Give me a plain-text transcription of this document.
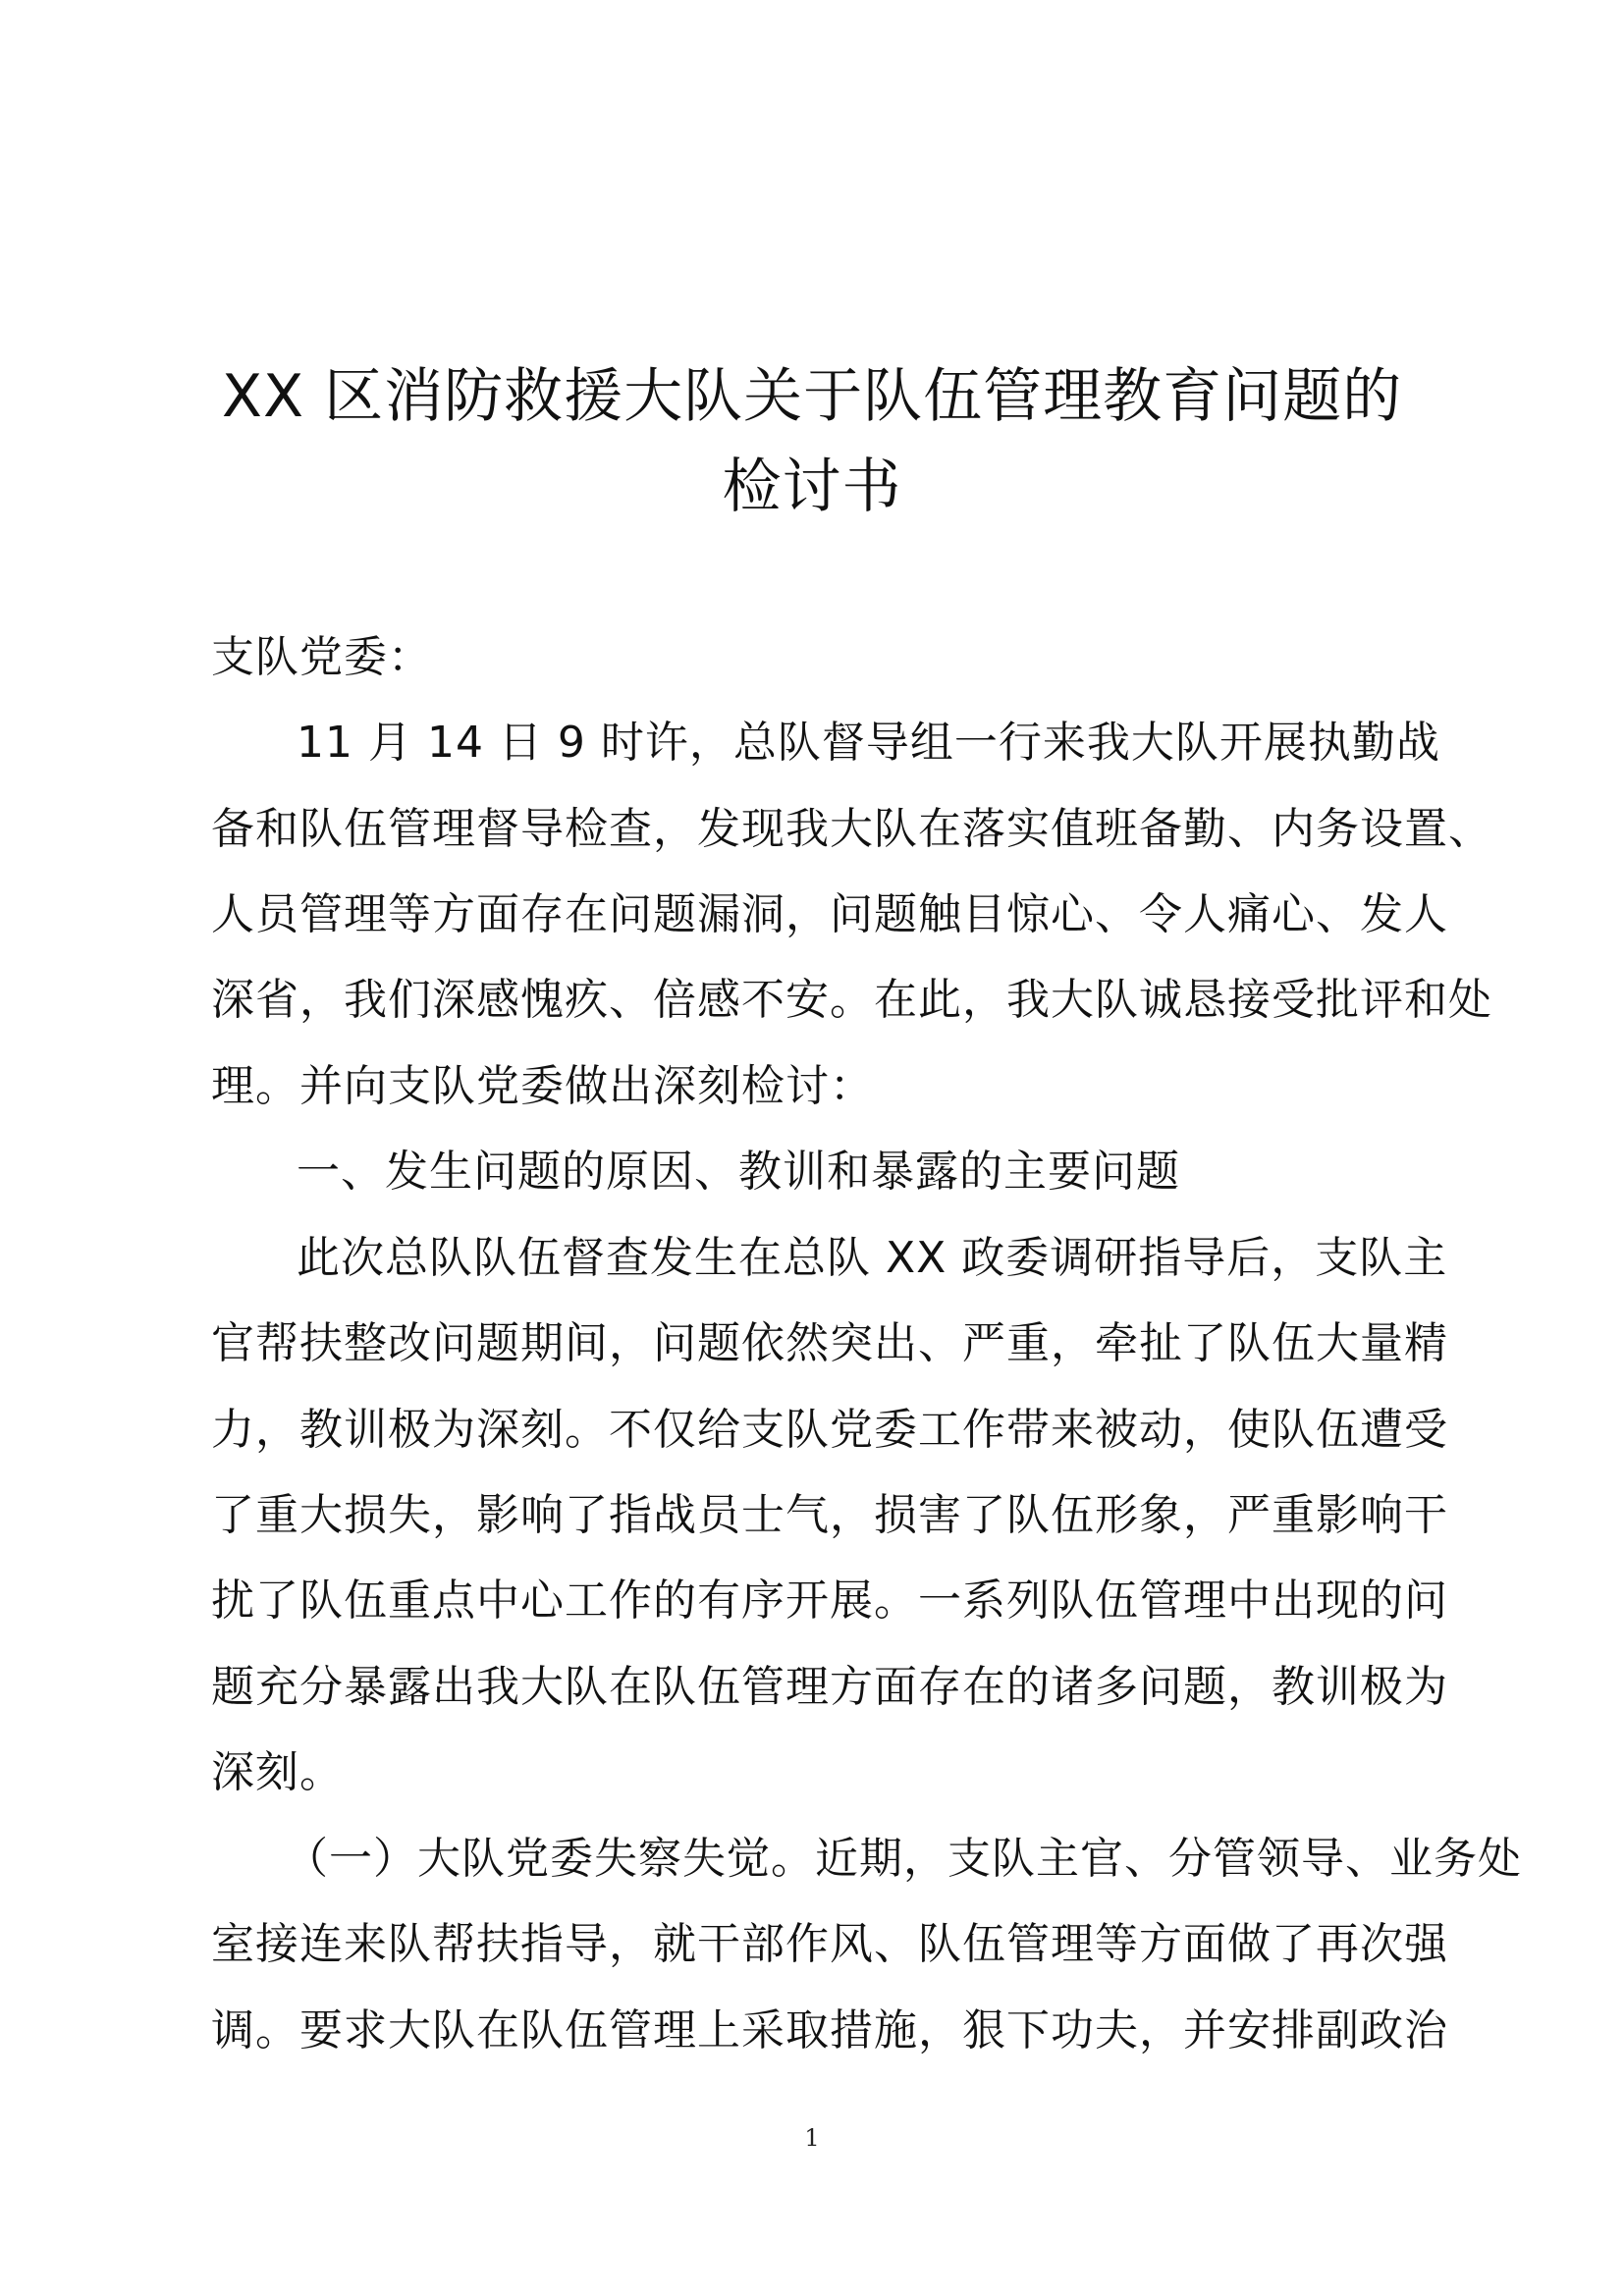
XX 区消防救援大队关于队伍管理教育问题的
检讨书
支队党委：
11 月 14 日 9 时许，总队督导组一行来我大队开展执勤战
备和队伍管理督导检查，发现我大队在落实值班备勤、内务设置、
人员管理等方面存在问题漏洞，问题触目惊心、令人痛心、发人
深省，我们深感愧疚、倍感不安。在此，我大队诚恳接受批评和处
理。并向支队党委做出深刻检讨：
一、发生问题的原因、教训和暴露的主要问题
此次总队队伍督查发生在总队 XX 政委调研指导后，支队主
官帮扶整改问题期间，问题依然突出、严重，牵扯了队伍大量精
力，教训极为深刻。不仅给支队党委工作带来被动，使队伍遭受
了重大损失，影响了指战员士气，损害了队伍形象，严重影响干
扰了队伍重点中心工作的有序开展。一系列队伍管理中出现的问
题充分暴露出我大队在队伍管理方面存在的诸多问题，教训极为
深刻。
（一）大队党委失察失觉。近期，支队主官、分管领导、业务处
室接连来队帮扶指导，就干部作风、队伍管理等方面做了再次强
调。要求大队在队伍管理上采取措施，狠下功夫，并安排副政治
1
